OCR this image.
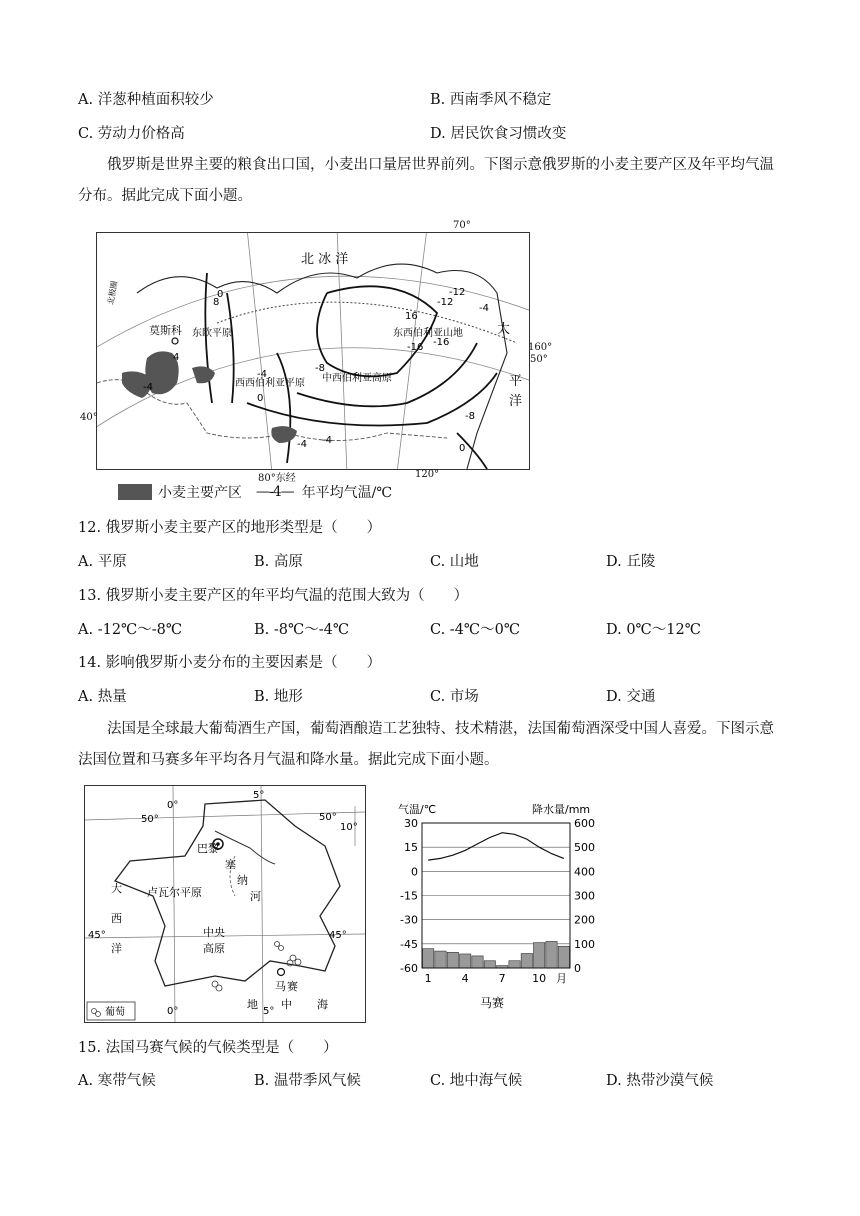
A. 洋葱种植面积较少	B. 西南季风不稳定
C. 劳动力价格高	D. 居民饮食习惯改变
俄罗斯是世界主要的粮食出口国，小麦出口量居世界前列。下图示意俄罗斯的小麦主要产区及年平均气温分布。据此完成下面小题。
北 冰 洋
太
平
洋
莫斯科 东欧平原
西西伯利亚平原 中西伯利亚高原
东西伯利亚山地
北极圈	8
0
-8
-12
16
-16
-16
-12
-4
-4
0
-4
-4	0
-8
4
-4
70°
160°
50°
40°
80°东经	120°
小麦主要产区 —-4— 年平均气温/℃
12. 俄罗斯小麦主要产区的地形类型是（　　）
A. 平原	B. 高原	C. 山地	D. 丘陵
13. 俄罗斯小麦主要产区的年平均气温的范围大致为（　　）
A. -12℃～-8℃	B. -8℃～-4℃	C. -4℃～0℃	D. 0℃～12℃
14. 影响俄罗斯小麦分布的主要因素是（　　）
A. 热量	B. 地形	C. 市场	D. 交通
法国是全球最大葡萄酒生产国，葡萄酒酿造工艺独特、技术精湛，法国葡萄酒深受中国人喜爱。下图示意法国位置和马赛多年平均各月气温和降水量。据此完成下面小题。
葡萄
0°
5°
50°	50°
10°
45°	45°
0°	5°
巴黎
塞
纳
河
卢瓦尔平原
大
西
洋
中央
高原
马 赛
地 中 海
气温/℃	降水量/mm
30
15
0
-15
-30
-45
-60
600
500
400
300
200
100
0
1	4	7 10 月
马赛
15. 法国马赛气候的气候类型是（　　）
A. 寒带气候	B. 温带季风气候	C. 地中海气候	D. 热带沙漠气候
